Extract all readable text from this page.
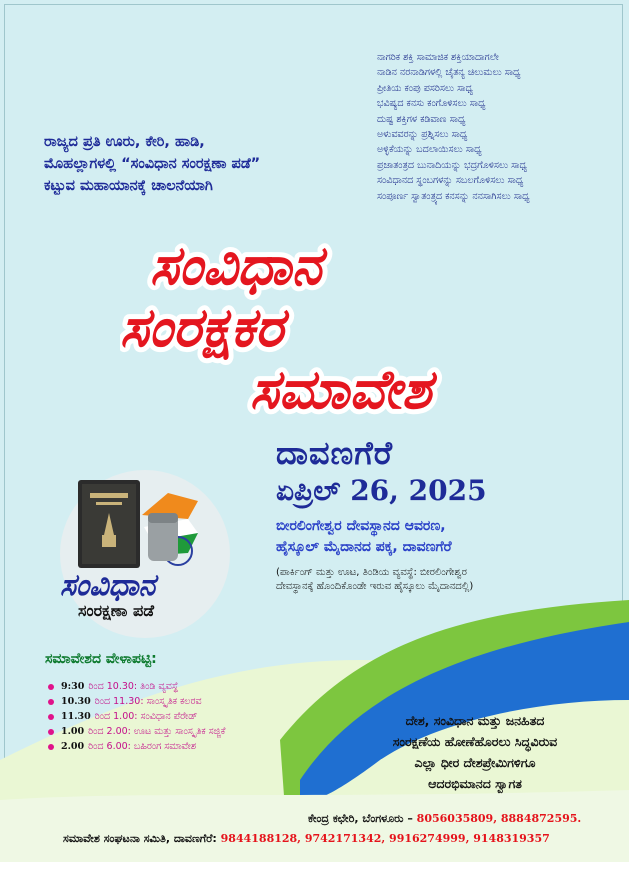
ನಾಗರಿಕ ಶಕ್ತಿ ಸಾಮಾಜಿಕ ಶಕ್ತಿಯಾದಾಗಲೇ
ನಾಡಿನ ನರನಾಡಿಗಳಲ್ಲಿ ಚೈತನ್ಯ ಚಿಲುಮಲು ಸಾಧ್ಯ
ಪ್ರೀತಿಯ ಕಂಪು ಪಸರಿಸಲು ಸಾಧ್ಯ
ಭವಿಷ್ಯದ ಕನಸು ಕಂಗೊಳಿಸಲು ಸಾಧ್ಯ
ದುಷ್ಟ ಶಕ್ತಿಗಳ ಕಡಿವಾಣ ಸಾಧ್ಯ
ಅಳುವವರನ್ನು ಪ್ರಶ್ನಿಸಲು ಸಾಧ್ಯ
ಅಳ್ಳಿಕೆಯನ್ನು ಬದಲಾಯಿಸಲು ಸಾಧ್ಯ
ಪ್ರಜಾತಂತ್ರದ ಬುನಾದಿಯನ್ನು ಭದ್ರಗೊಳಿಸಲು ಸಾಧ್ಯ
ಸಂವಿಧಾನದ ಸ್ಥಂಬಗಳನ್ನು ಸಬಲಗೊಳಿಸಲು ಸಾಧ್ಯ
ಸಂಪೂರ್ಣ ಸ್ವಾತಂತ್ರ್ಯದ ಕನಸನ್ನು ನನಸಾಗಿಸಲು ಸಾಧ್ಯ
ರಾಜ್ಯದ ಪ್ರತಿ ಊರು, ಕೇರಿ, ಹಾಡಿ,
ಮೊಹಲ್ಲಾಗಳಲ್ಲಿ “ಸಂವಿಧಾನ ಸಂರಕ್ಷಣಾ ಪಡೆ”
ಕಟ್ಟುವ ಮಹಾಯಾನಕ್ಕೆ ಚಾಲನೆಯಾಗಿ
ಸಂವಿಧಾನ
ಸಂರಕ್ಷಕರ
ಸಮಾವೇಶ
ದಾವಣಗೆರೆ
ಏಪ್ರಿಲ್ 26, 2025
ಬೀರಲಿಂಗೇಶ್ವರ ದೇವಸ್ಥಾನದ ಆವರಣ,
ಹೈಸ್ಕೂಲ್ ಮೈದಾನದ ಪಕ್ಕ, ದಾವಣಗೆರೆ
(ಪಾರ್ಕಿಂಗ್ ಮತ್ತು ಊಟ, ತಿಂಡಿಯ ವ್ಯವಸ್ಥೆ: ಬೀರಲಿಂಗೇಶ್ವರ
ದೇವಸ್ಥಾನಕ್ಕೆ ಹೊಂದಿಕೊಂಡೇ ಇರುವ ಹೈಸ್ಕೂಲು ಮೈದಾನದಲ್ಲಿ)
ಸಂವಿಧಾನ
ಸಂರಕ್ಷಣಾ ಪಡೆ
ಸಮಾವೇಶದ ವೇಳಾಪಟ್ಟಿ:
9:30 ರಿಂದ 10.30: ತಿಂಡಿ ವ್ಯವಸ್ಥೆ
10.30 ರಿಂದ 11.30: ಸಾಂಸ್ಕೃತಿಕ ಕಲರವ
11.30 ರಿಂದ 1.00: ಸಂವಿಧಾನ ಪೆರೇಡ್
1.00 ರಿಂದ 2.00: ಊಟ ಮತ್ತು ಸಾಂಸ್ಕೃತಿಕ ಸಜ್ಜಿಕೆ
2.00 ರಿಂದ 6.00: ಬಹಿರಂಗ ಸಮಾವೇಶ
ದೇಶ, ಸಂವಿಧಾನ ಮತ್ತು ಜನಹಿತದ
ಸಂರಕ್ಷಣೆಯ ಹೋಣೆಹೊರಲು ಸಿದ್ಧವಿರುವ
ಎಲ್ಲಾ ಧೀರ ದೇಶಪ್ರೇಮಿಗಳಿಗೂ
ಆದರಭಿಮಾನದ ಸ್ವಾಗತ
ಕೇಂದ್ರ ಕಛೇರಿ, ಬೆಂಗಳೂರು – 8056035809, 8884872595.
ಸಮಾವೇಶ ಸಂಘಟನಾ ಸಮಿತಿ, ದಾವಣಗೆರೆ: 9844188128, 9742171342, 9916274999, 9148319357
